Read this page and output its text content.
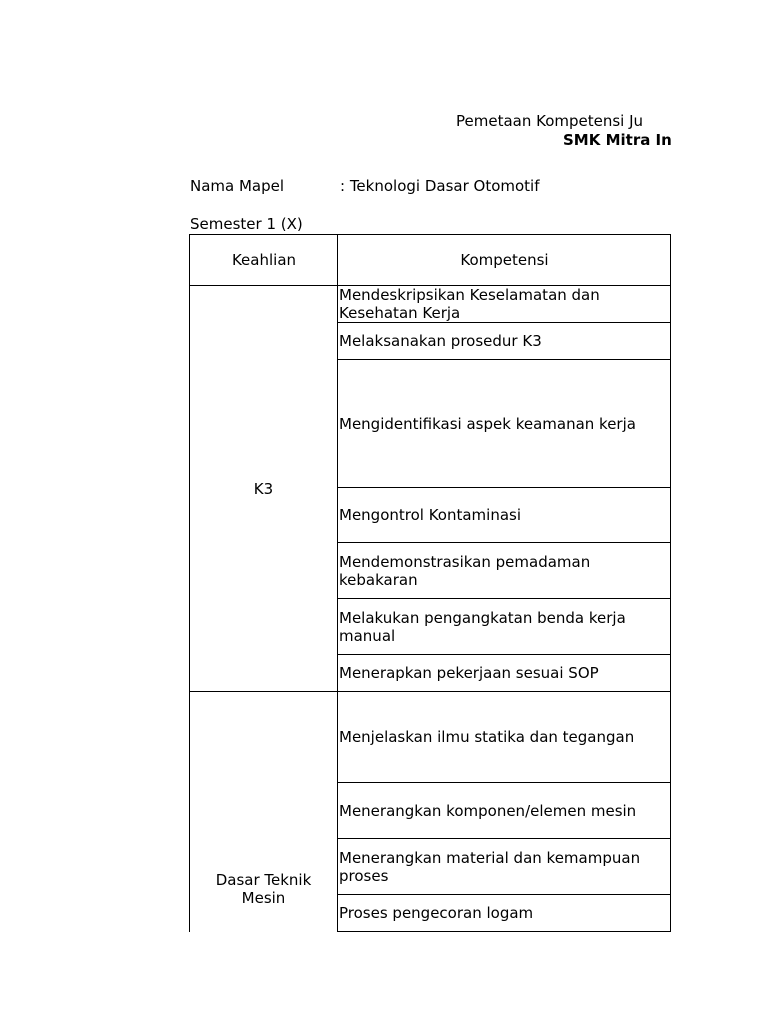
Pemetaan Kompetensi Ju
SMK Mitra In
Nama Mapel	: Teknologi Dasar Otomotif
Semester 1 (X)
Keahlian	Kompetensi
K3	Mendeskripsikan Keselamatan dan Kesehatan Kerja
	Melaksanakan prosedur K3
	Mengidentifikasi aspek keamanan kerja
	Mengontrol Kontaminasi
	Mendemonstrasikan pemadaman kebakaran
	Melakukan pengangkatan benda kerja manual
	Menerapkan pekerjaan sesuai SOP

Dasar Teknik Mesin	Menjelaskan ilmu statika dan tegangan
	Menerangkan komponen/elemen mesin
	Menerangkan material dan kemampuan proses
	Proses pengecoran logam
